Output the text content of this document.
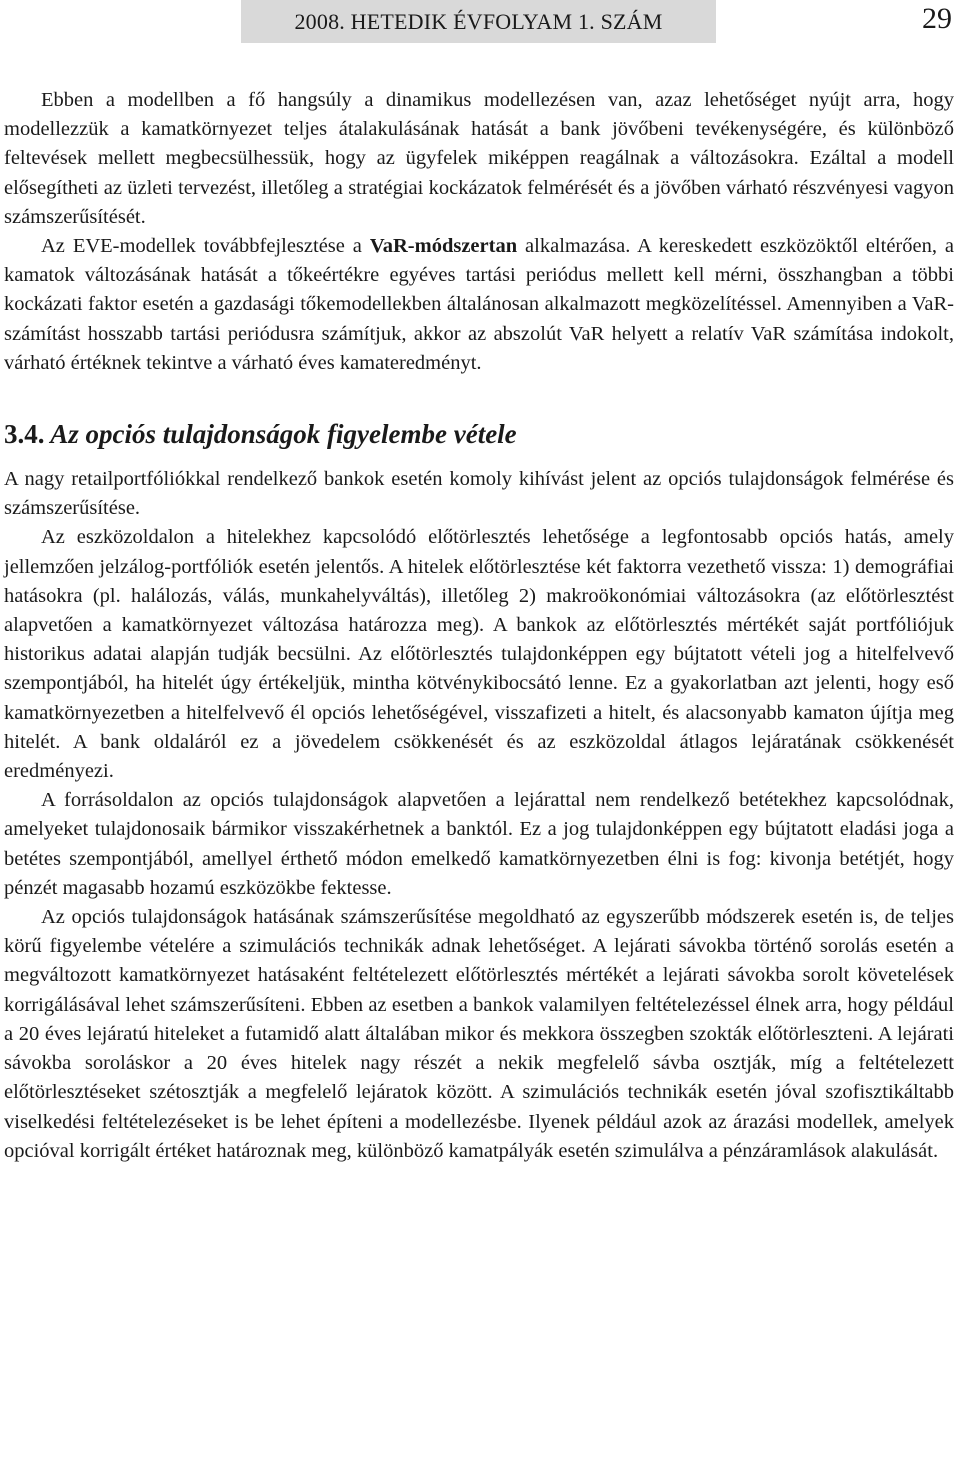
2008. HETEDIK ÉVFOLYAM 1. SZÁM	29

Ebben a modellben a fő hangsúly a dinamikus modellezésen van, azaz lehetőséget nyújt arra, hogy modellezzük a kamatkörnyezet teljes átalakulásának hatását a bank jövőbeni tevékenységére, és különböző feltevések mellett megbecsülhessük, hogy az ügyfelek miképpen reagálnak a változásokra. Ezáltal a modell elősegítheti az üzleti tervezést, illetőleg a stratégiai kockázatok felmérését és a jövőben várható részvényesi vagyon számszerűsítését.

Az EVE-modellek továbbfejlesztése a VaR-módszertan alkalmazása. A kereskedett eszközöktől eltérően, a kamatok változásának hatását a tőkeértékre egyéves tartási periódus mellett kell mérni, összhangban a többi kockázati faktor esetén a gazdasági tőkemodellekben általánosan alkalmazott megközelítéssel. Amennyiben a VaR-számítást hosszabb tartási periódusra számítjuk, akkor az abszolút VaR helyett a relatív VaR számítása indokolt, várható értéknek tekintve a várható éves kamateredményt.

3.4. Az opciós tulajdonságok figyelembe vétele

A nagy retailportfóliókkal rendelkező bankok esetén komoly kihívást jelent az opciós tulajdonságok felmérése és számszerűsítése.

Az eszközoldalon a hitelekhez kapcsolódó előtörlesztés lehetősége a legfontosabb opciós hatás, amely jellemzően jelzálog-portfóliók esetén jelentős. A hitelek előtörlesztése két faktorra vezethető vissza: 1) demográfiai hatásokra (pl. halálozás, válás, munkahelyváltás), illetőleg 2) makroökonómiai változásokra (az előtörlesztést alapvetően a kamatkörnyezet változása határozza meg). A bankok az előtörlesztés mértékét saját portfóliójuk historikus adatai alapján tudják becsülni. Az előtörlesztés tulajdonképpen egy bújtatott vételi jog a hitelfelvevő szempontjából, ha hitelét úgy értékeljük, mintha kötvénykibocsátó lenne. Ez a gyakorlatban azt jelenti, hogy eső kamatkörnyezetben a hitelfelvevő él opciós lehetőségével, visszafizeti a hitelt, és alacsonyabb kamaton újítja meg hitelét. A bank oldaláról ez a jövedelem csökkenését és az eszközoldal átlagos lejáratának csökkenését eredményezi.

A forrásoldalon az opciós tulajdonságok alapvetően a lejárattal nem rendelkező betétekhez kapcsolódnak, amelyeket tulajdonosaik bármikor visszakérhetnek a banktól. Ez a jog tulajdonképpen egy bújtatott eladási joga a betétes szempontjából, amellyel érthető módon emelkedő kamatkörnyezetben élni is fog: kivonja betétjét, hogy pénzét magasabb hozamú eszközökbe fektesse.

Az opciós tulajdonságok hatásának számszerűsítése megoldható az egyszerűbb módszerek esetén is, de teljes körű figyelembe vételére a szimulációs technikák adnak lehetőséget. A lejárati sávokba történő sorolás esetén a megváltozott kamatkörnyezet hatásaként feltételezett előtörlesztés mértékét a lejárati sávokba sorolt követelések korrigálásával lehet számszerűsíteni. Ebben az esetben a bankok valamilyen feltételezéssel élnek arra, hogy például a 20 éves lejáratú hiteleket a futamidő alatt általában mikor és mekkora összegben szokták előtörleszteni. A lejárati sávokba soroláskor a 20 éves hitelek nagy részét a nekik megfelelő sávba osztják, míg a feltételezett előtörlesztéseket szétosztják a megfelelő lejáratok között. A szimulációs technikák esetén jóval szofisztikáltabb viselkedési feltételezéseket is be lehet építeni a modellezésbe. Ilyenek például azok az árazási modellek, amelyek opcióval korrigált értéket határoznak meg, különböző kamatpályák esetén szimulálva a pénzáramlások alakulását.
